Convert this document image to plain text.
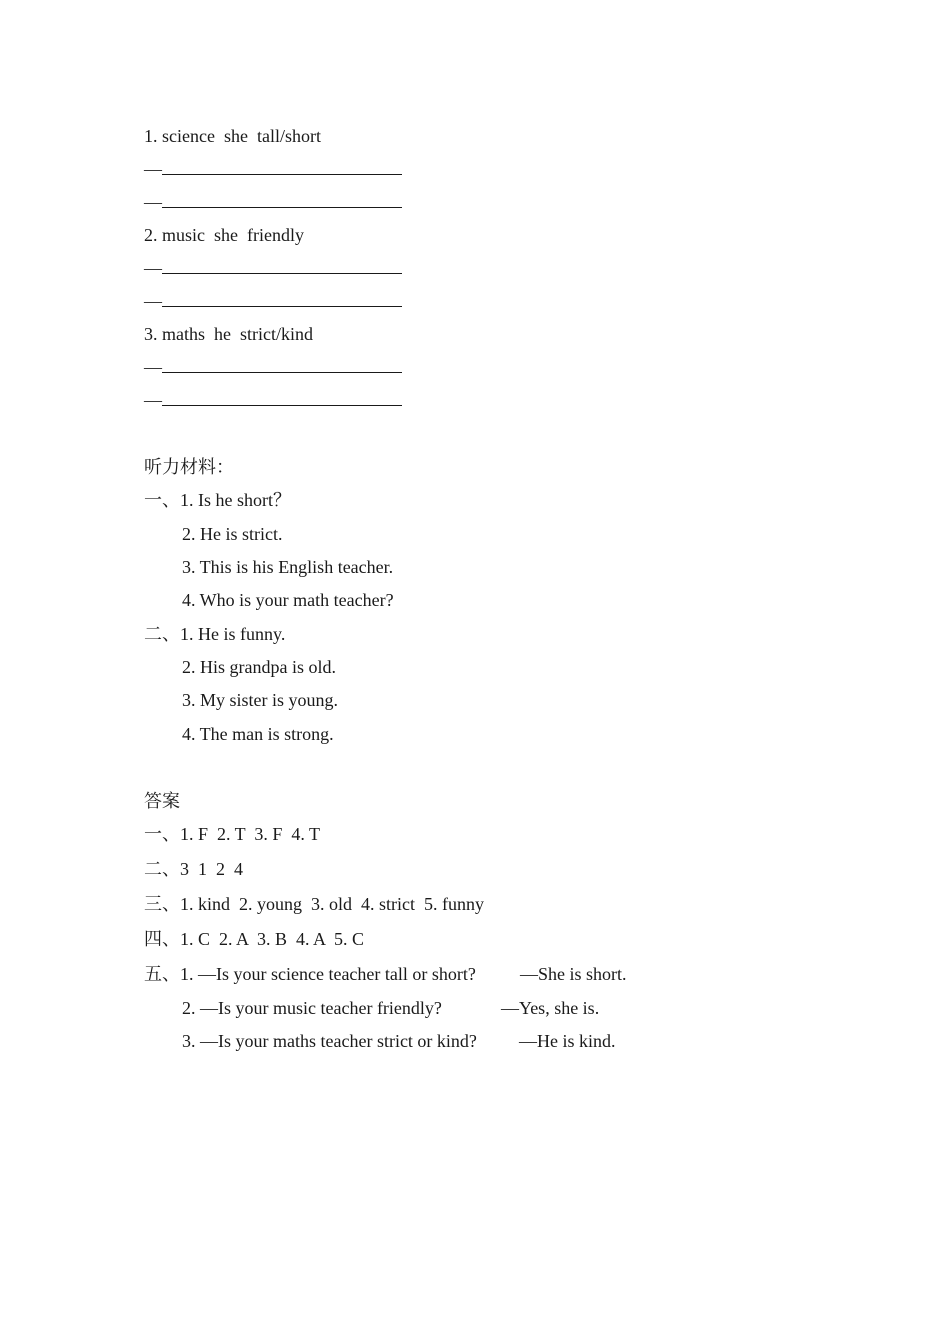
1. science  she  tall/short
—
—
2. music  she  friendly
—
—
3. maths  he  strict/kind
—
—
听力材料：
一、1. Is he short？
2. He is strict.
3. This is his English teacher.
4. Who is your math teacher?
二、1. He is funny.
2. His grandpa is old.
3. My sister is young.
4. The man is strong.
答案
一、1. F  2. T  3. F  4. T
二、3  1  2  4
三、1. kind  2. young  3. old  4. strict  5. funny
四、1. C  2. A  3. B  4. A  5. C
五、1. —Is your science teacher tall or short? —She is short.
2. —Is your music teacher friendly?	—Yes, she is.
3. —Is your maths teacher strict or kind? —He is kind.
